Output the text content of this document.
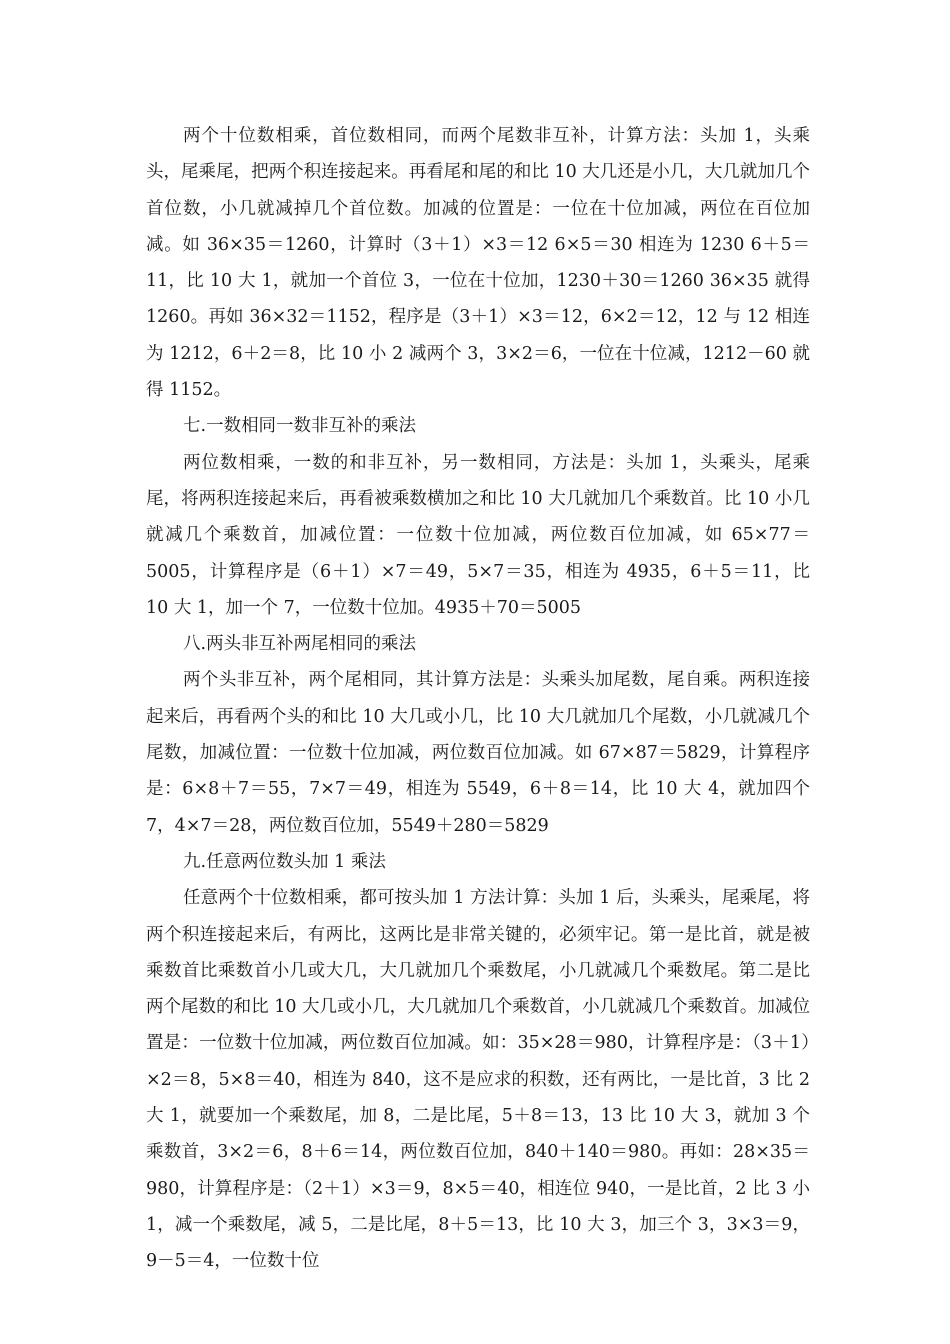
两个十位数相乘，首位数相同，而两个尾数非互补，计算方法：头加 1，头乘头，尾乘尾，把两个积连接起来。再看尾和尾的和比 10 大几还是小几，大几就加几个首位数，小几就减掉几个首位数。加减的位置是：一位在十位加减，两位在百位加减。如 36×35＝1260，计算时（3＋1）×3＝12 6×5＝30 相连为 1230 6＋5＝11，比 10 大 1，就加一个首位 3，一位在十位加，1230＋30＝1260 36×35 就得 1260。再如 36×32＝1152，程序是（3＋1）×3＝12，6×2＝12，12 与 12 相连为 1212，6＋2＝8，比 10 小 2 减两个 3，3×2＝6，一位在十位减，1212－60 就得 1152。

七.一数相同一数非互补的乘法

两位数相乘，一数的和非互补，另一数相同，方法是：头加 1，头乘头，尾乘尾，将两积连接起来后，再看被乘数横加之和比 10 大几就加几个乘数首。比 10 小几就减几个乘数首，加减位置：一位数十位加减，两位数百位加减，如 65×77＝5005，计算程序是（6＋1）×7＝49，5×7＝35，相连为 4935，6＋5＝11，比 10 大 1，加一个 7，一位数十位加。4935＋70＝5005

八.两头非互补两尾相同的乘法

两个头非互补，两个尾相同，其计算方法是：头乘头加尾数，尾自乘。两积连接起来后，再看两个头的和比 10 大几或小几，比 10 大几就加几个尾数，小几就减几个尾数，加减位置：一位数十位加减，两位数百位加减。如 67×87＝5829，计算程序是：6×8＋7＝55，7×7＝49，相连为 5549，6＋8＝14，比 10 大 4，就加四个 7，4×7＝28，两位数百位加，5549＋280＝5829

九.任意两位数头加 1 乘法

任意两个十位数相乘，都可按头加 1 方法计算：头加 1 后，头乘头，尾乘尾，将两个积连接起来后，有两比，这两比是非常关键的，必须牢记。第一是比首，就是被乘数首比乘数首小几或大几，大几就加几个乘数尾，小几就减几个乘数尾。第二是比两个尾数的和比 10 大几或小几，大几就加几个乘数首，小几就减几个乘数首。加减位置是：一位数十位加减，两位数百位加减。如：35×28＝980，计算程序是：（3＋1）×2＝8，5×8＝40，相连为 840，这不是应求的积数，还有两比，一是比首，3 比 2 大 1，就要加一个乘数尾，加 8，二是比尾，5＋8＝13，13 比 10 大 3，就加 3 个乘数首，3×2＝6，8＋6＝14，两位数百位加，840＋140＝980。再如：28×35＝980，计算程序是：（2＋1）×3＝9，8×5＝40，相连位 940，一是比首，2 比 3 小 1，减一个乘数尾，减 5，二是比尾，8＋5＝13，比 10 大 3，加三个 3，3×3＝9，9－5＝4，一位数十位
